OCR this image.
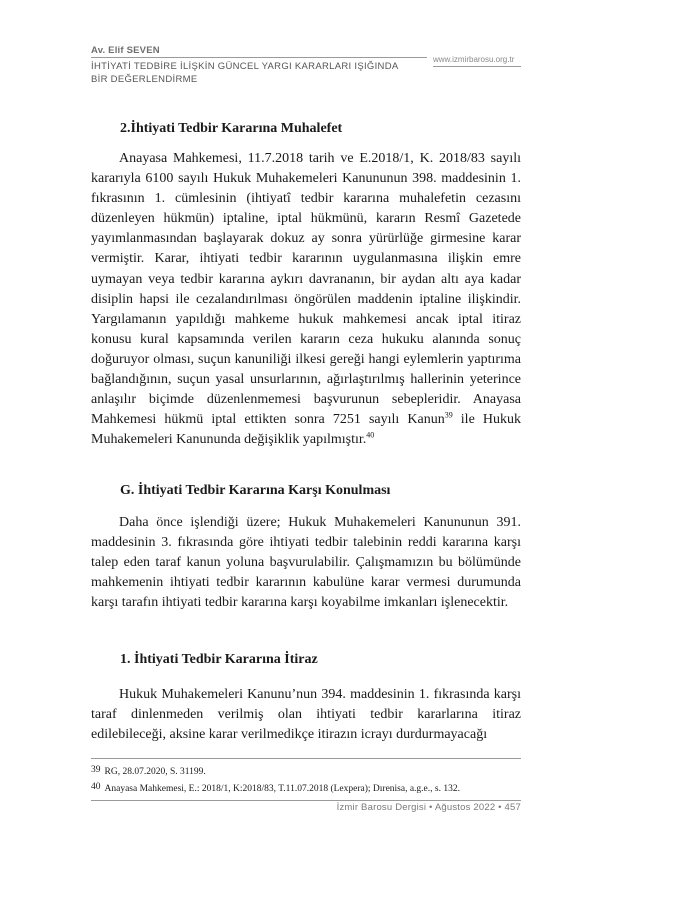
Av. Elif SEVEN
İHTİYATİ TEDBİRE İLİŞKİN GÜNCEL YARGI KARARLARI IŞIĞINDA
BİR DEĞERLENDİRME
www.izmirbarosu.org.tr
2.İhtiyati Tedbir Kararına Muhalefet

Anayasa Mahkemesi, 11.7.2018 tarih ve E.2018/1, K. 2018/83 sayılı kararıyla 6100 sayılı Hukuk Muhakemeleri Kanununun 398. maddesinin 1. fıkrasının 1. cümlesinin (ihtiyatî tedbir kararına muhalefetin cezasını düzenleyen hükmün) iptaline, iptal hükmünü, kararın Resmî Gazetede yayımlanmasından başlayarak dokuz ay sonra yürürlüğe girmesine karar vermiştir. Karar, ihtiyati tedbir kararının uygulanmasına ilişkin emre uymayan veya tedbir kararına aykırı davrananın, bir aydan altı aya kadar disiplin hapsi ile cezalandırılması öngörülen maddenin iptaline ilişkindir. Yargılamanın yapıldığı mahkeme hukuk mahkemesi ancak iptal itiraz konusu kural kapsamında verilen kararın ceza hukuku alanında sonuç doğuruyor olması, suçun kanuniliği ilkesi gereği hangi eylemlerin yaptırıma bağlandığının, suçun yasal unsurlarının, ağırlaştırılmış hallerinin yeterince anlaşılır biçimde düzenlenmemesi başvurunun sebepleridir. Anayasa Mahkemesi hükmü iptal ettikten sonra 7251 sayılı Kanun$^{39}$ ile Hukuk Muhakemeleri Kanununda değişiklik yapılmıştır.$^{40}$

G. İhtiyati Tedbir Kararına Karşı Konulması

Daha önce işlendiği üzere; Hukuk Muhakemeleri Kanununun 391. maddesinin 3. fıkrasında göre ihtiyati tedbir talebinin reddi kararına karşı talep eden taraf kanun yoluna başvurulabilir. Çalışmamızın bu bölümünde mahkemenin ihtiyati tedbir kararının kabulüne karar vermesi durumunda karşı tarafın ihtiyati tedbir kararına karşı koyabilme imkanları işlenecektir.

1. İhtiyati Tedbir Kararına İtiraz

Hukuk Muhakemeleri Kanunu’nun 394. maddesinin 1. fıkrasında karşı taraf dinlenmeden verilmiş olan ihtiyati tedbir kararlarına itiraz edilebileceği, aksine karar verilmedikçe itirazın icrayı durdurmayacağı

39 RG, 28.07.2020, S. 31199.
40 Anayasa Mahkemesi, E.: 2018/1, K:2018/83, T.11.07.2018 (Lexpera); Dırenisa, a.g.e., s. 132.
İzmir Barosu Dergisi • Ağustos 2022 • 457
